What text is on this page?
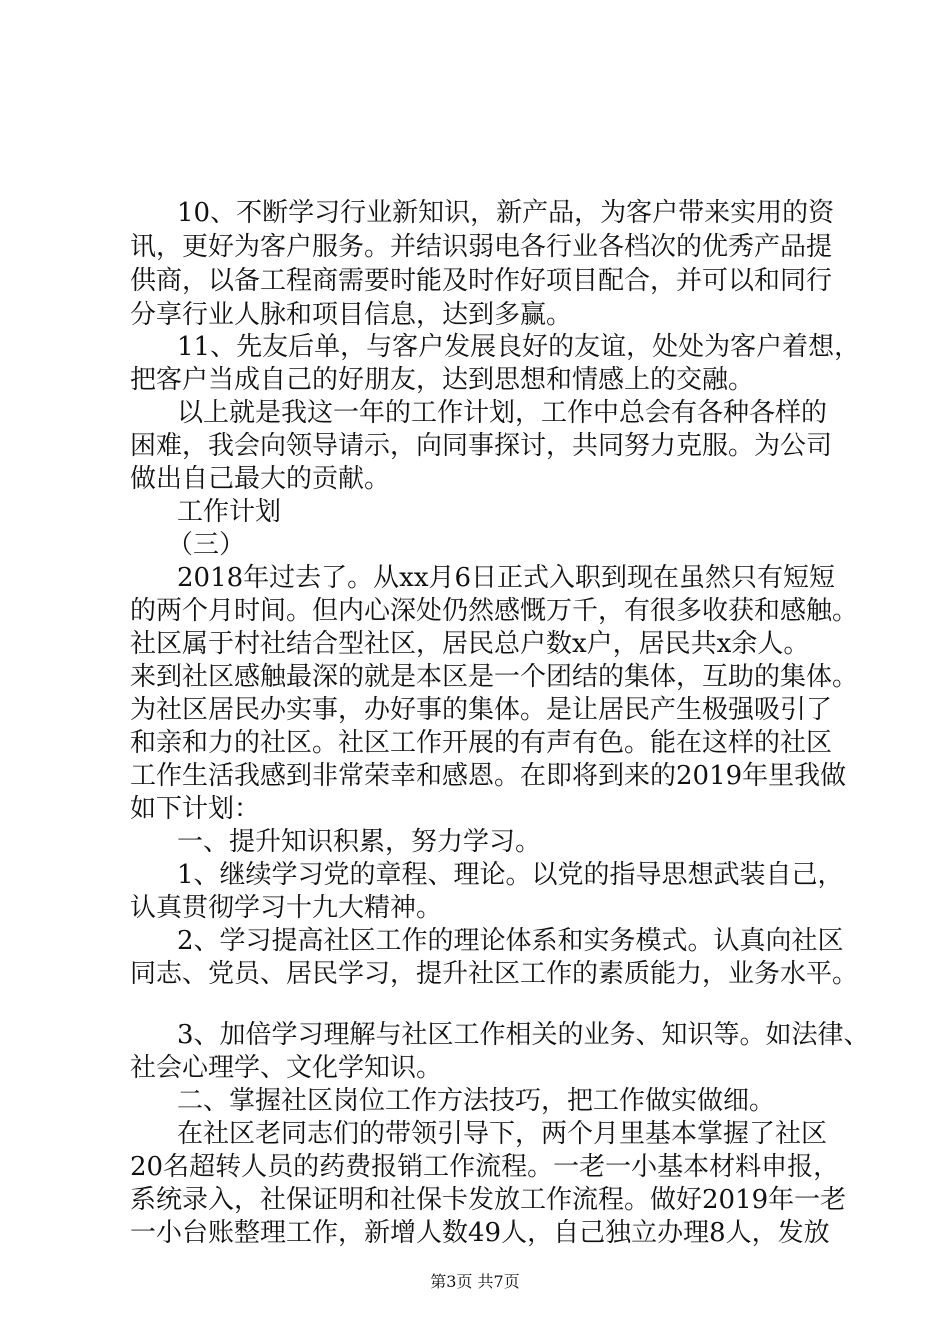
10、不断学习行业新知识，新产品，为客户带来实用的资
讯，更好为客户服务。并结识弱电各行业各档次的优秀产品提
供商，以备工程商需要时能及时作好项目配合，并可以和同行
分享行业人脉和项目信息，达到多赢。
11、先友后单，与客户发展良好的友谊，处处为客户着想，
把客户当成自己的好朋友，达到思想和情感上的交融。
以上就是我这一年的工作计划，工作中总会有各种各样的
困难，我会向领导请示，向同事探讨，共同努力克服。为公司
做出自己最大的贡献。
工作计划
（三）
2018年过去了。从xx月6日正式入职到现在虽然只有短短
的两个月时间。但内心深处仍然感慨万千，有很多收获和感触。
社区属于村社结合型社区，居民总户数x户，居民共x余人。
来到社区感触最深的就是本区是一个团结的集体，互助的集体。
为社区居民办实事，办好事的集体。是让居民产生极强吸引了
和亲和力的社区。社区工作开展的有声有色。能在这样的社区
工作生活我感到非常荣幸和感恩。在即将到来的2019年里我做
如下计划：
一、提升知识积累，努力学习。
1、继续学习党的章程、理论。以党的指导思想武装自己，
认真贯彻学习十九大精神。
2、学习提高社区工作的理论体系和实务模式。认真向社区
同志、党员、居民学习，提升社区工作的素质能力，业务水平。
3、加倍学习理解与社区工作相关的业务、知识等。如法律、
社会心理学、文化学知识。
二、掌握社区岗位工作方法技巧，把工作做实做细。
在社区老同志们的带领引导下，两个月里基本掌握了社区
20名超转人员的药费报销工作流程。一老一小基本材料申报，
系统录入，社保证明和社保卡发放工作流程。做好2019年一老
一小台账整理工作，新增人数49人，自己独立办理8人，发放
第3页 共7页
